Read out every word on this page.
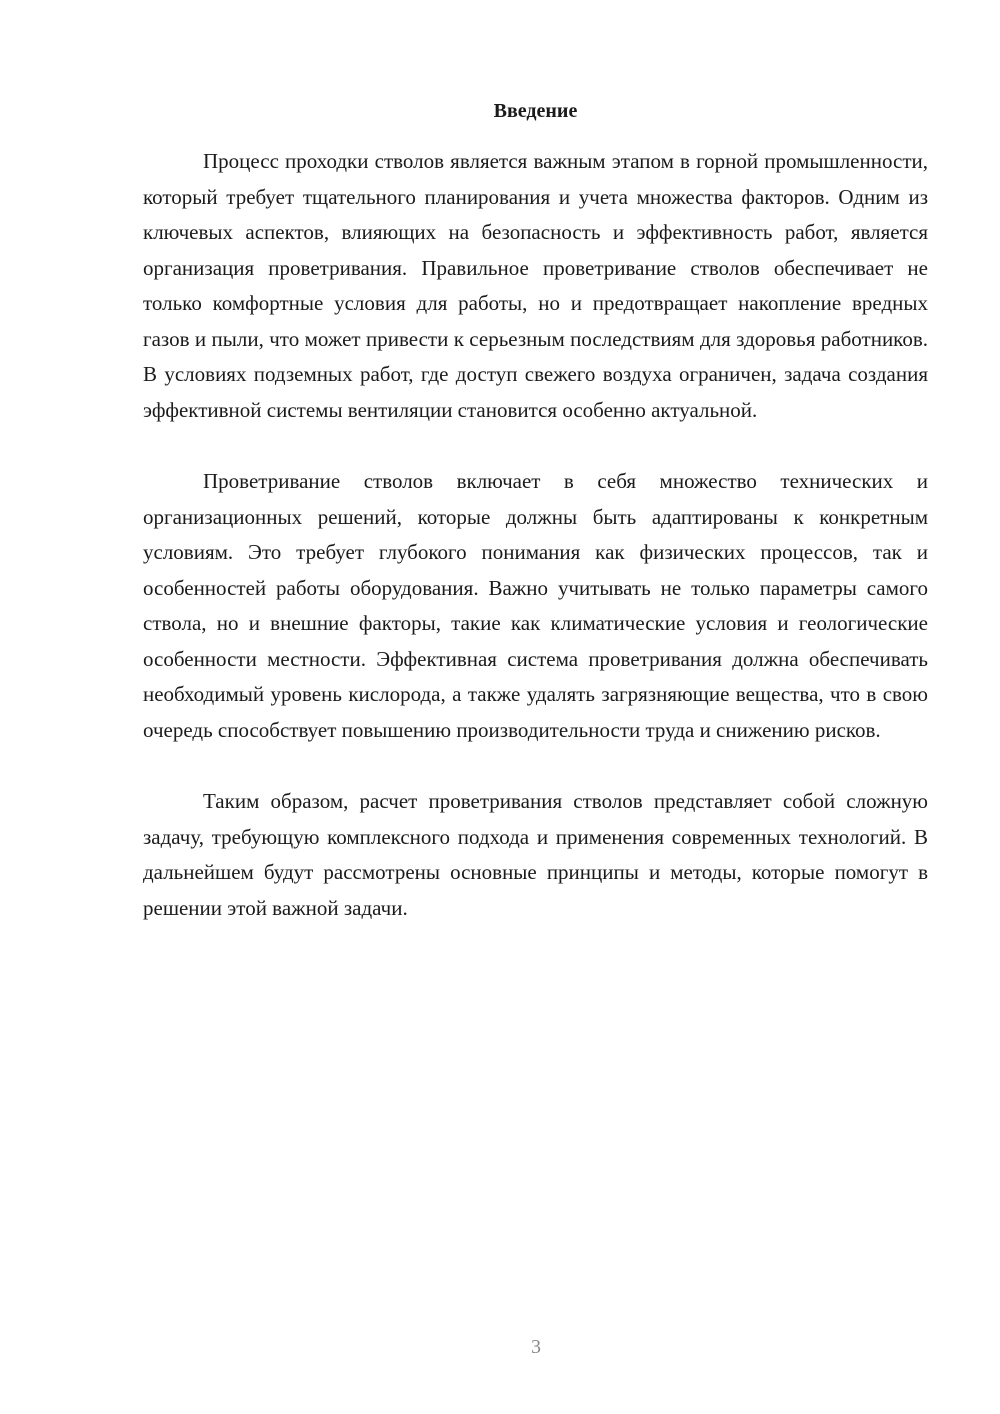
Введение

Процесс проходки стволов является важным этапом в горной промышленности, который требует тщательного планирования и учета множества факторов. Одним из ключевых аспектов, влияющих на безопасность и эффективность работ, является организация проветривания. Правильное проветривание стволов обеспечивает не только комфортные условия для работы, но и предотвращает накопление вредных газов и пыли, что может привести к серьезным последствиям для здоровья работников. В условиях подземных работ, где доступ свежего воздуха ограничен, задача создания эффективной системы вентиляции становится особенно актуальной.

Проветривание стволов включает в себя множество технических и организационных решений, которые должны быть адаптированы к конкретным условиям. Это требует глубокого понимания как физических процессов, так и особенностей работы оборудования. Важно учитывать не только параметры самого ствола, но и внешние факторы, такие как климатические условия и геологические особенности местности. Эффективная система проветривания должна обеспечивать необходимый уровень кислорода, а также удалять загрязняющие вещества, что в свою очередь способствует повышению производительности труда и снижению рисков.

Таким образом, расчет проветривания стволов представляет собой сложную задачу, требующую комплексного подхода и применения современных технологий. В дальнейшем будут рассмотрены основные принципы и методы, которые помогут в решении этой важной задачи.

3
